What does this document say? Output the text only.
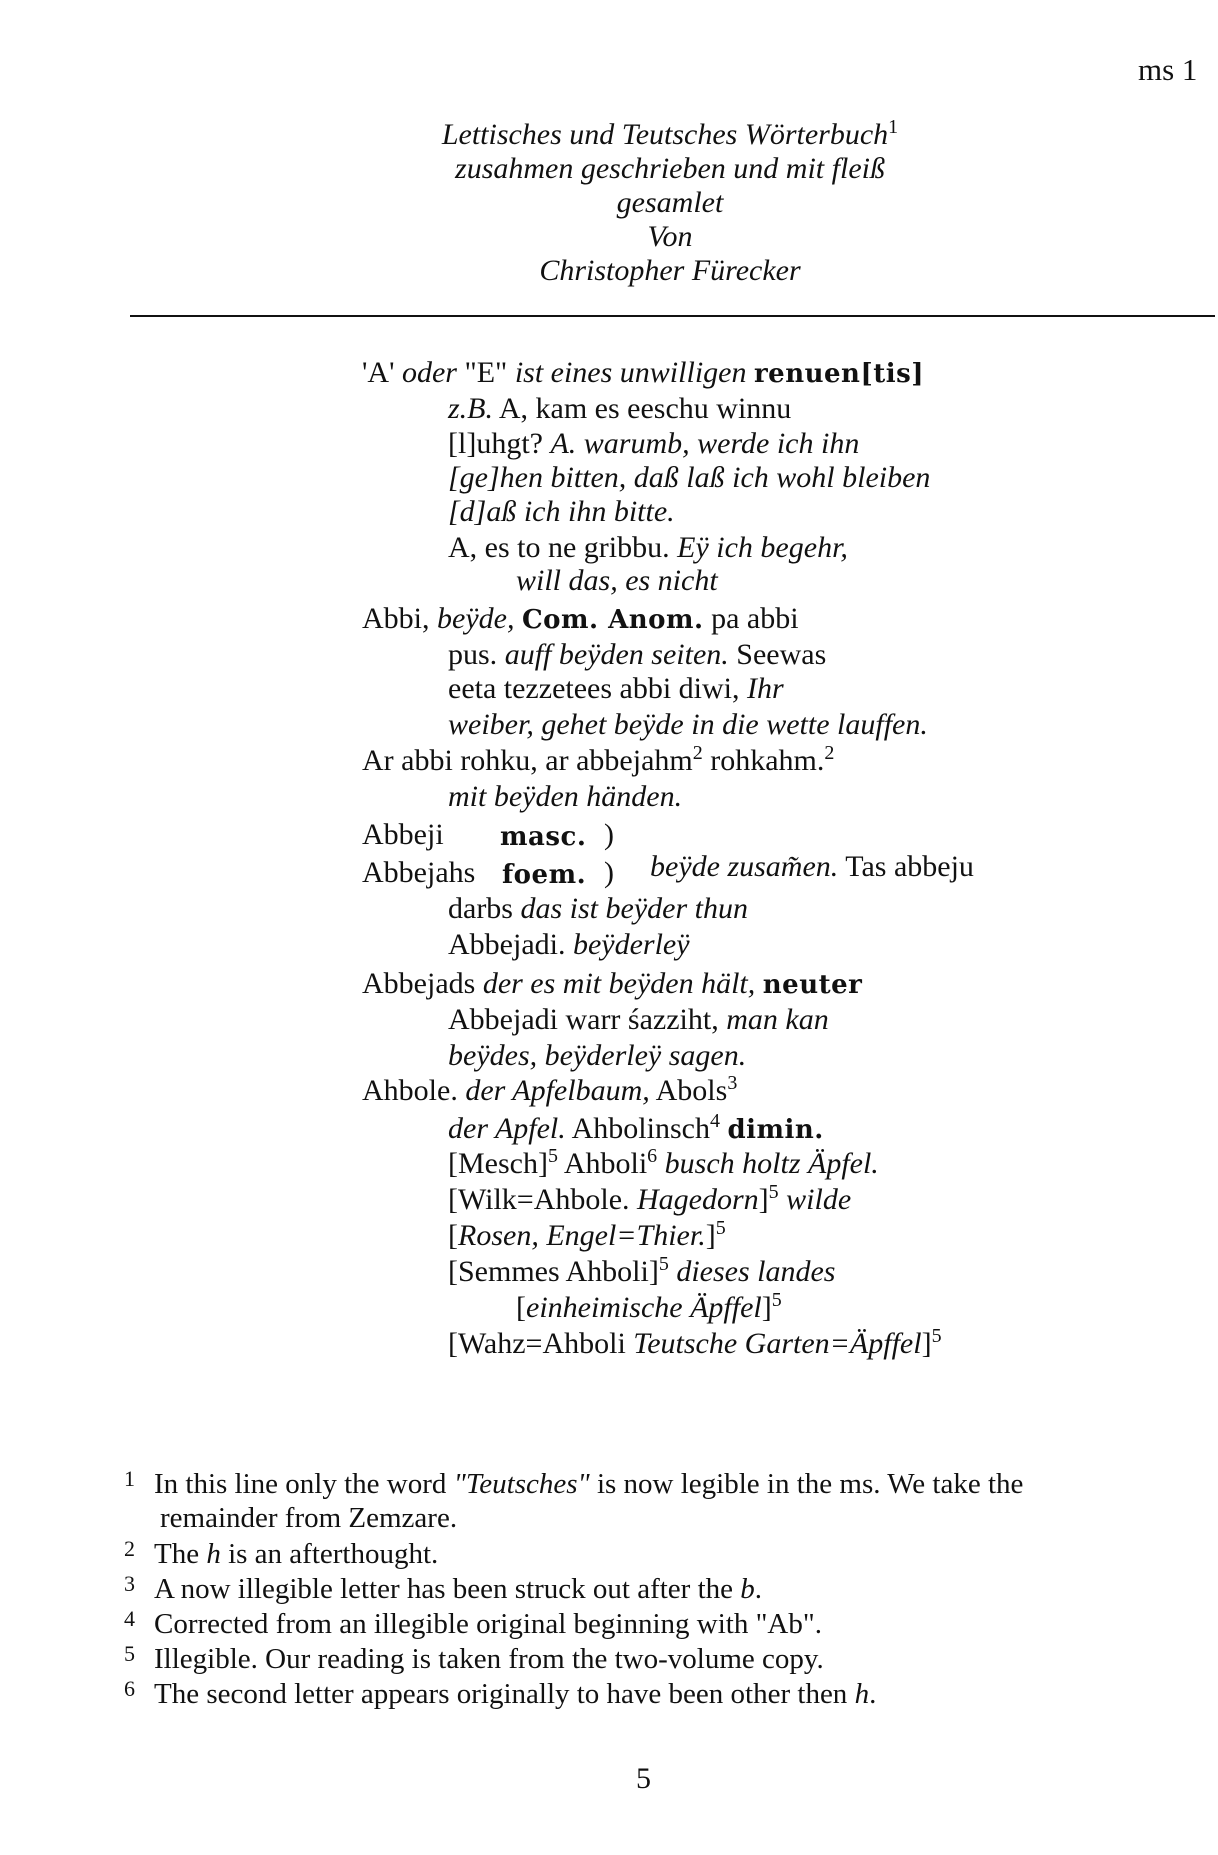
ms 1
Lettisches und Teutsches Wörterbuch$^1$
zusahmen geschrieben und mit fleiß
gesamlet
Von
Christopher Fürecker
'A' oder "E" ist eines unwilligen renuen[tis]
z.B. A, kam es eeschu winnu
[l]uhgt? A. warumb, werde ich ihn
[ge]hen bitten, daß laß ich wohl bleiben
[d]aß ich ihn bitte.
A, es to ne gribbu. Eÿ ich begehr,
will das, es nicht
Abbi, beÿde, Com. Anom. pa abbi
pus. auff beÿden seiten. Seewas
eeta tezzetees abbi diwi, Ihr
weiber, gehet beÿde in die wette lauffen.
Ar abbi rohku, ar abbejahm$^2$ rohkahm.$^2$
mit beÿden händen.
Abbeji masc. )
Abbejahs foem. ) beÿde zusam̃en. Tas abbeju
darbs das ist beÿder thun
Abbejadi. beÿderleÿ
Abbejads der es mit beÿden hält, neuter
Abbejadi warr śazziht, man kan
beÿdes, beÿderleÿ sagen.
Ahbole. der Apfelbaum, Abols$^3$
der Apfel. Ahbolinsch$^4$ dimin.
[Mesch]$^5$ Ahboli$^6$ busch holtz Äpfel.
[Wilk=Ahbole. Hagedorn]$^5$ wilde
[Rosen, Engel=Thier.]$^5$
[Semmes Ahboli]$^5$ dieses landes
[einheimische Äpffel]$^5$
[Wahz=Ahboli Teutsche Garten=Äpffel]$^5$
1 In this line only the word "Teutsches" is now legible in the ms. We take the
remainder from Zemzare.
2 The h is an afterthought.
3 A now illegible letter has been struck out after the b.
4 Corrected from an illegible original beginning with "Ab".
5 Illegible. Our reading is taken from the two-volume copy.
6 The second letter appears originally to have been other then h.
5
